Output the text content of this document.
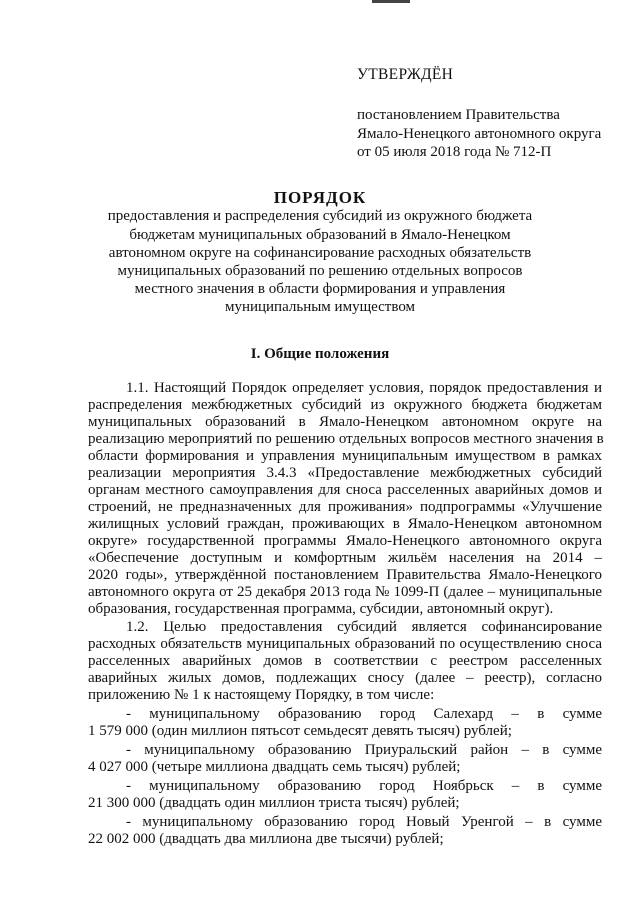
УТВЕРЖДЁН
постановлением Правительства
Ямало-Ненецкого автономного округа
от 05 июля 2018 года № 712-П
ПОРЯДОК
предоставления и распределения субсидий из окружного бюджета
бюджетам муниципальных образований в Ямало-Ненецком
автономном округе на софинансирование расходных обязательств
муниципальных образований по решению отдельных вопросов
местного значения в области формирования и управления
муниципальным имуществом
I. Общие положения
1.1. Настоящий Порядок определяет условия, порядок предоставления и
распределения межбюджетных субсидий из окружного бюджета бюджетам
муниципальных образований в Ямало-Ненецком автономном округе на
реализацию мероприятий по решению отдельных вопросов местного значения в
области формирования и управления муниципальным имуществом в рамках
реализации мероприятия 3.4.3 «Предоставление межбюджетных субсидий
органам местного самоуправления для сноса расселенных аварийных домов и
строений, не предназначенных для проживания» подпрограммы «Улучшение
жилищных условий граждан, проживающих в Ямало-Ненецком автономном
округе» государственной программы Ямало-Ненецкого автономного округа
«Обеспечение доступным и комфортным жильём населения на 2014 –
2020 годы», утверждённой постановлением Правительства Ямало-Ненецкого
автономного округа от 25 декабря 2013 года № 1099-П (далее – муниципальные
образования, государственная программа, субсидии, автономный округ).
1.2. Целью предоставления субсидий является софинансирование
расходных обязательств муниципальных образований по осуществлению сноса
расселенных аварийных домов в соответствии с реестром расселенных
аварийных жилых домов, подлежащих сносу (далее – реестр), согласно
приложению № 1 к настоящему Порядку, в том числе:
- муниципальному образованию город Салехард – в сумме
1 579 000 (один миллион пятьсот семьдесят девять тысяч) рублей;
- муниципальному образованию Приуральский район – в сумме
4 027 000 (четыре миллиона двадцать семь тысяч) рублей;
- муниципальному образованию город Ноябрьск – в сумме
21 300 000 (двадцать один миллион триста тысяч) рублей;
- муниципальному образованию город Новый Уренгой – в сумме
22 002 000 (двадцать два миллиона две тысячи) рублей;
